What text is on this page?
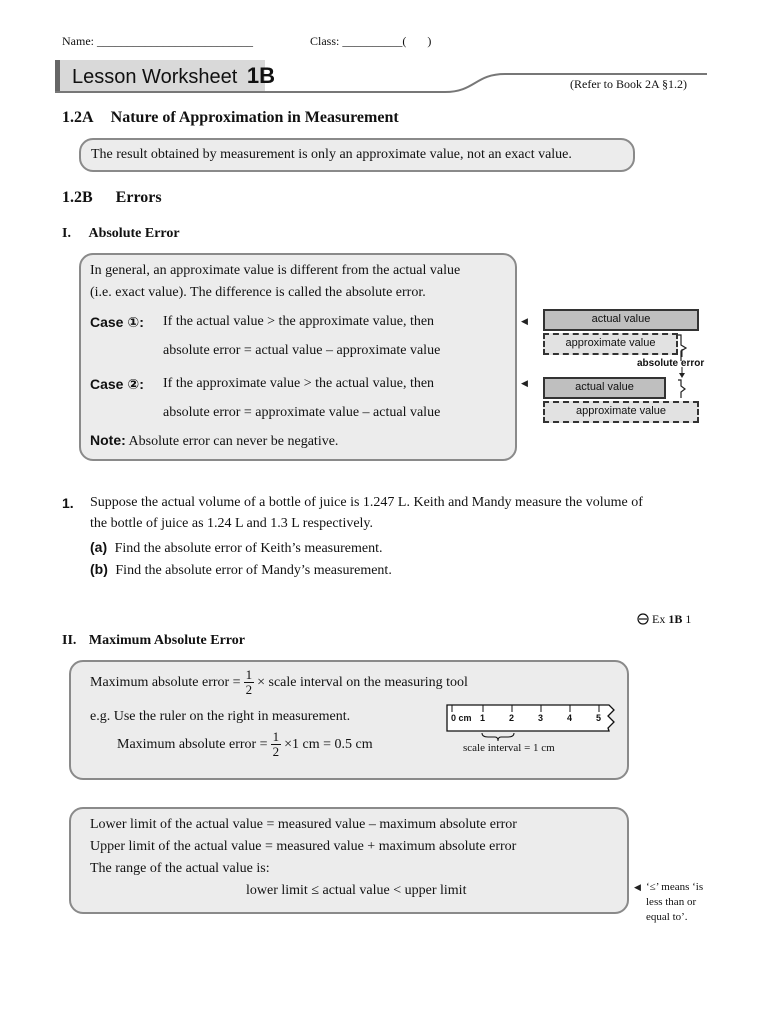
Name: __________________________	Class: __________( )
Lesson Worksheet 1B	(Refer to Book 2A §1.2)
1.2A Nature of Approximation in Measurement
The result obtained by measurement is only an approximate value, not an exact value.
1.2B Errors
I. Absolute Error
In general, an approximate value is different from the actual value
(i.e. exact value). The difference is called the absolute error.
Case ①: If the actual value > the approximate value, then
absolute error = actual value – approximate value
Case ②: If the approximate value > the actual value, then
absolute error = approximate value – actual value
Note: Absolute error can never be negative.
◀	actual value
approximate value
absolute error
◀	actual value
approximate value
1. Suppose the actual volume of a bottle of juice is 1.247 L. Keith and Mandy measure the volume of
the bottle of juice as 1.24 L and 1.3 L respectively.
(a) Find the absolute error of Keith’s measurement.
(b) Find the absolute error of Mandy’s measurement.
Ex 1B 1
II. Maximum Absolute Error
Maximum absolute error = $\frac{1}{2}$ × scale interval on the measuring tool
e.g. Use the ruler on the right in measurement.
Maximum absolute error = $\frac{1}{2} \times 1$ cm = 0.5 cm
0 cm 1	2	3	4	5
scale interval = 1 cm
Lower limit of the actual value = measured value – maximum absolute error
Upper limit of the actual value = measured value + maximum absolute error
The range of the actual value is:
lower limit ≤ actual value < upper limit	◀ ‘≤’ means ‘is
less than or
equal to’.
